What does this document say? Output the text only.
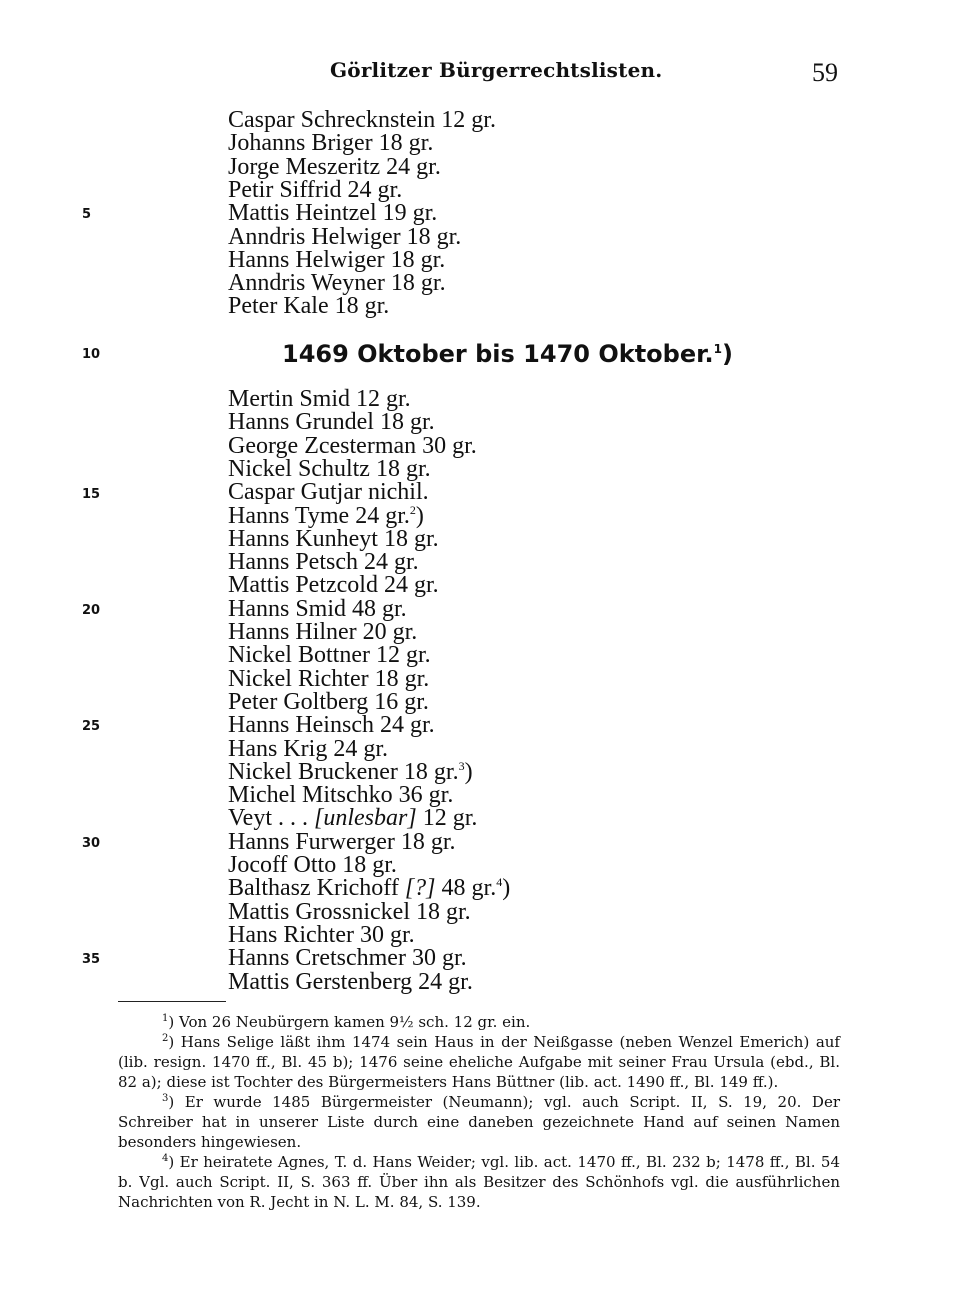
Görlitzer Bürgerrechtslisten.	59
Caspar Schrecknstein 12 gr.
Johanns Briger 18 gr.
Jorge Meszeritz 24 gr.
Petir Siffrid 24 gr.
Mattis Heintzel 19 gr.
Anndris Helwiger 18 gr.
Hanns Helwiger 18 gr.
Anndris Weyner 18 gr.
Peter Kale 18 gr.
1469 Oktober bis 1470 Oktober.$^1$)
Mertin Smid 12 gr.
Hanns Grundel 18 gr.
George Zcesterman 30 gr.
Nickel Schultz 18 gr.
Caspar Gutjar nichil.
Hanns Tyme 24 gr.$^2$)
Hanns Kunheyt 18 gr.
Hanns Petsch 24 gr.
Mattis Petzcold 24 gr.
Hanns Smid 48 gr.
Hanns Hilner 20 gr.
Nickel Bottner 12 gr.
Nickel Richter 18 gr.
Peter Goltberg 16 gr.
Hanns Heinsch 24 gr.
Hans Krig 24 gr.
Nickel Bruckener 18 gr.$^3$)
Michel Mitschko 36 gr.
Veyt . . . [unlesbar] 12 gr.
Hanns Furwerger 18 gr.
Jocoff Otto 18 gr.
Balthasz Krichoff [?] 48 gr.$^4$)
Mattis Grossnickel 18 gr.
Hans Richter 30 gr.
Hanns Cretschmer 30 gr.
Mattis Gerstenberg 24 gr.
5
10
15
20
25
30
35

$^1$) Von 26 Neubürgern kamen 9½ sch. 12 gr. ein.

$^2$) Hans Selige läßt ihm 1474 sein Haus in der Neißgasse (neben Wenzel Emerich) auf (lib. resign. 1470 ff., Bl. 45 b); 1476 seine eheliche Aufgabe mit seiner Frau Ursula (ebd., Bl. 82 a); diese ist Tochter des Bürgermeisters Hans Büttner (lib. act. 1490 ff., Bl. 149 ff.).

$^3$) Er wurde 1485 Bürgermeister (Neumann); vgl. auch Script. II, S. 19, 20. Der Schreiber hat in unserer Liste durch eine daneben gezeichnete Hand auf seinen Namen besonders hingewiesen.

$^4$) Er heiratete Agnes, T. d. Hans Weider; vgl. lib. act. 1470 ff., Bl. 232 b; 1478 ff., Bl. 54 b. Vgl. auch Script. II, S. 363 ff. Über ihn als Besitzer des Schönhofs vgl. die ausführlichen Nachrichten von R. Jecht in N. L. M. 84, S. 139.
